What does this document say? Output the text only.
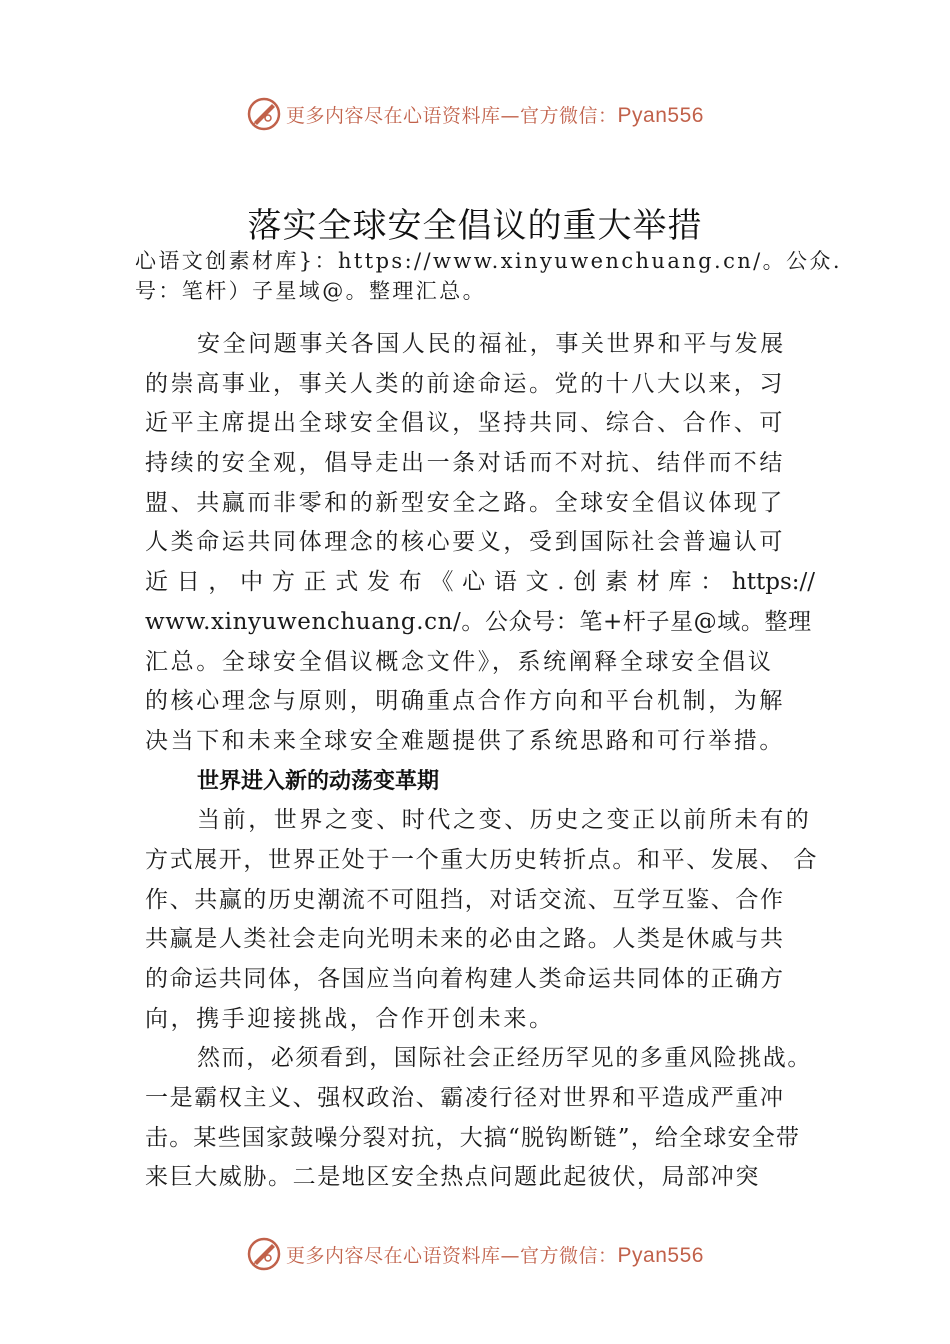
更多内容尽在心语资料库—官方微信：Pyan556
落实全球安全倡议的重大举措
心语文创素材库}：https://www.xinyuwenchuang.cn/。公众.
号：笔杆）子星域@。整理汇总。
安全问题事关各国人民的福祉，事关世界和平与发展
的崇高事业，事关人类的前途命运。党的十八大以来，习
近平主席提出全球安全倡议，坚持共同、综合、合作、可
持续的安全观，倡导走出一条对话而不对抗、结伴而不结
盟、共赢而非零和的新型安全之路。全球安全倡议体现了
人类命运共同体理念的核心要义，受到国际社会普遍认可
近日，中方正式发布《心语文.创素材库：https://
www.xinyuwenchuang.cn/。公众号：笔+杆子星@域。整理
汇总。全球安全倡议概念文件》，系统阐释全球安全倡议
的核心理念与原则，明确重点合作方向和平台机制，为解
决当下和未来全球安全难题提供了系统思路和可行举措。
世界进入新的动荡变革期
当前，世界之变、时代之变、历史之变正以前所未有的
方式展开，世界正处于一个重大历史转折点。和平、发展、 合
作、共赢的历史潮流不可阻挡，对话交流、互学互鉴、合作
共赢是人类社会走向光明未来的必由之路。人类是休戚与共
的命运共同体，各国应当向着构建人类命运共同体的正确方
向，携手迎接挑战，合作开创未来。
然而，必须看到，国际社会正经历罕见的多重风险挑战。
一是霸权主义、强权政治、霸凌行径对世界和平造成严重冲
击。某些国家鼓噪分裂对抗，大搞“脱钩断链”，给全球安全带
来巨大威胁。二是地区安全热点问题此起彼伏，局部冲突
更多内容尽在心语资料库—官方微信：Pyan556
